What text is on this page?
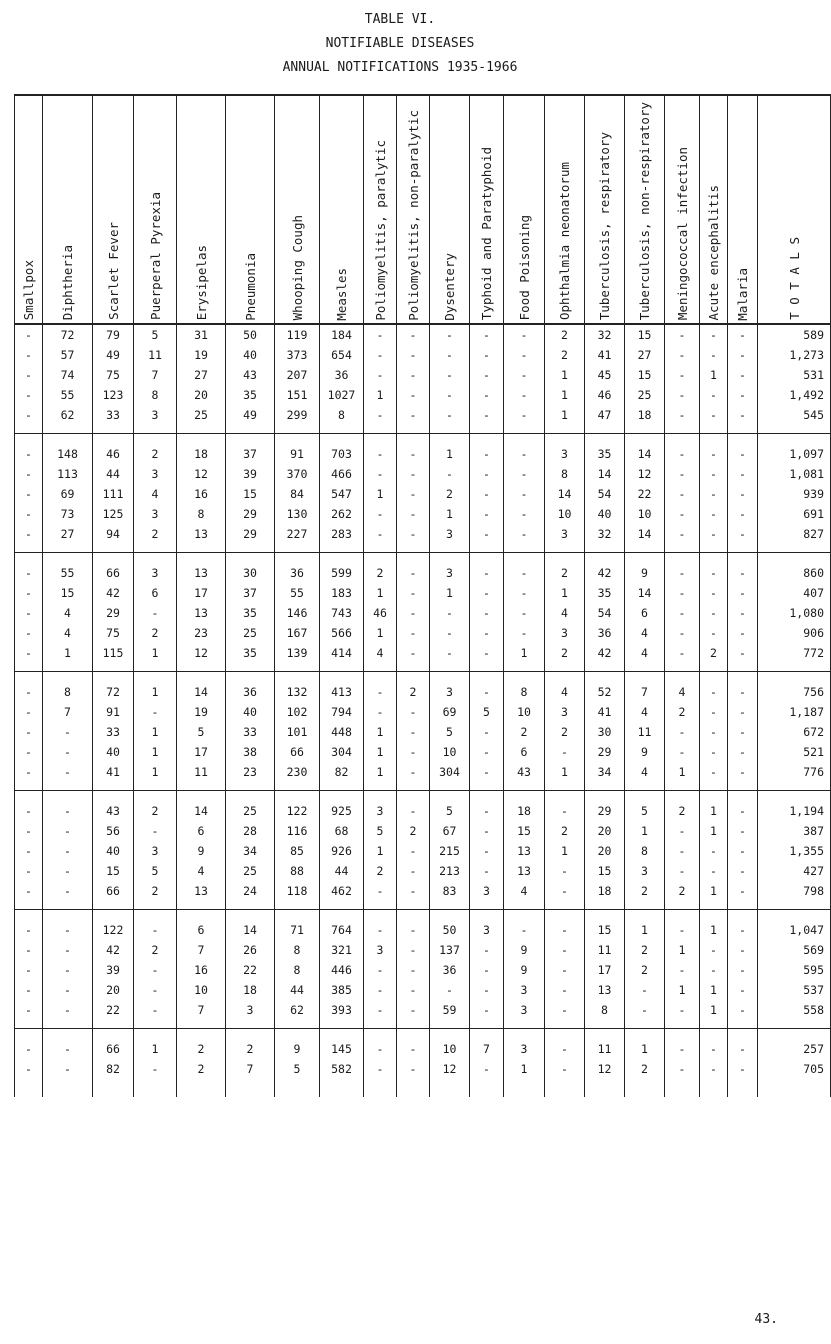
TABLE VI.
NOTIFIABLE DISEASES
ANNUAL NOTIFICATIONS 1935-1966
Smallpox	Diphtheria	Scarlet Fever	Puerperal Pyrexia	Erysipelas	Pneumonia	Whooping Cough	Measles	Poliomyelitis, paralytic	Poliomyelitis, non-paralytic	Dysentery	Typhoid and Paratyphoid	Food Poisoning	Ophthalmia neonatorum	Tuberculosis, respiratory	Tuberculosis, non-respiratory	Meningococcal infection	Acute encephalitis	Malaria	T O T A L S
-	72	79	5	31	50	119	184	-	-	-	-	-	2	32	15	-	-	-	589
-	57	49	11	19	40	373	654	-	-	-	-	-	2	41	27	-	-	-	1,273
-	74	75	7	27	43	207	36	-	-	-	-	-	1	45	15	-	1	-	531
-	55	123	8	20	35	151	1027	1	-	-	-	-	1	46	25	-	-	-	1,492
-	62	33	3	25	49	299	8	-	-	-	-	-	1	47	18	-	-	-	545
-	148	46	2	18	37	91	703	-	-	1	-	-	3	35	14	-	-	-	1,097
-	113	44	3	12	39	370	466	-	-	-	-	-	8	14	12	-	-	-	1,081
-	69	111	4	16	15	84	547	1	-	2	-	-	14	54	22	-	-	-	939
-	73	125	3	8	29	130	262	-	-	1	-	-	10	40	10	-	-	-	691
-	27	94	2	13	29	227	283	-	-	3	-	-	3	32	14	-	-	-	827
-	55	66	3	13	30	36	599	2	-	3	-	-	2	42	9	-	-	-	860
-	15	42	6	17	37	55	183	1	-	1	-	-	1	35	14	-	-	-	407
-	4	29	-	13	35	146	743	46	-	-	-	-	4	54	6	-	-	-	1,080
-	4	75	2	23	25	167	566	1	-	-	-	-	3	36	4	-	-	-	906
-	1	115	1	12	35	139	414	4	-	-	-	1	2	42	4	-	2	-	772
-	8	72	1	14	36	132	413	-	2	3	-	8	4	52	7	4	-	-	756
-	7	91	-	19	40	102	794	-	-	69	5	10	3	41	4	2	-	-	1,187
-	-	33	1	5	33	101	448	1	-	5	-	2	2	30	11	-	-	-	672
-	-	40	1	17	38	66	304	1	-	10	-	6	-	29	9	-	-	-	521
-	-	41	1	11	23	230	82	1	-	304	-	43	1	34	4	1	-	-	776
-	-	43	2	14	25	122	925	3	-	5	-	18	-	29	5	2	1	-	1,194
-	-	56	-	6	28	116	68	5	2	67	-	15	2	20	1	-	1	-	387
-	-	40	3	9	34	85	926	1	-	215	-	13	1	20	8	-	-	-	1,355
-	-	15	5	4	25	88	44	2	-	213	-	13	-	15	3	-	-	-	427
-	-	66	2	13	24	118	462	-	-	83	3	4	-	18	2	2	1	-	798
-	-	122	-	6	14	71	764	-	-	50	3	-	-	15	1	-	1	-	1,047
-	-	42	2	7	26	8	321	3	-	137	-	9	-	11	2	1	-	-	569
-	-	39	-	16	22	8	446	-	-	36	-	9	-	17	2	-	-	-	595
-	-	20	-	10	18	44	385	-	-	-	-	3	-	13	-	1	1	-	537
-	-	22	-	7	3	62	393	-	-	59	-	3	-	8	-	-	1	-	558
-	-	66	1	2	2	9	145	-	-	10	7	3	-	11	1	-	-	-	257
-	-	82	-	2	7	5	582	-	-	12	-	1	-	12	2	-	-	-	705
43.
